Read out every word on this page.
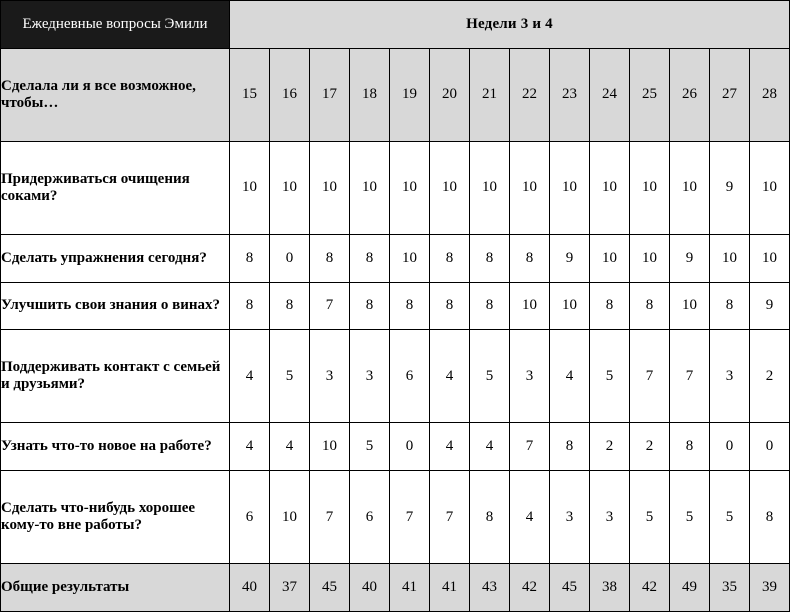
Ежедневные вопросы Эмили	Недели 3 и 4													
Сделала ли я все возможное, чтобы…	15	16	17	18	19	20	21	22	23	24	25	26	27	28
Придерживаться очищения соками?	10	10	10	10	10	10	10	10	10	10	10	10	9	10
Сделать упражнения сегодня?	8	0	8	8	10	8	8	8	9	10	10	9	10	10
Улучшить свои знания о винах?	8	8	7	8	8	8	8	10	10	8	8	10	8	9
Поддерживать контакт с семьей и друзьями?	4	5	3	3	6	4	5	3	4	5	7	7	3	2
Узнать что-то новое на работе?	4	4	10	5	0	4	4	7	8	2	2	8	0	0
Сделать что-нибудь хорошее кому-то вне работы?	6	10	7	6	7	7	8	4	3	3	5	5	5	8
Общие результаты	40	37	45	40	41	41	43	42	45	38	42	49	35	39
